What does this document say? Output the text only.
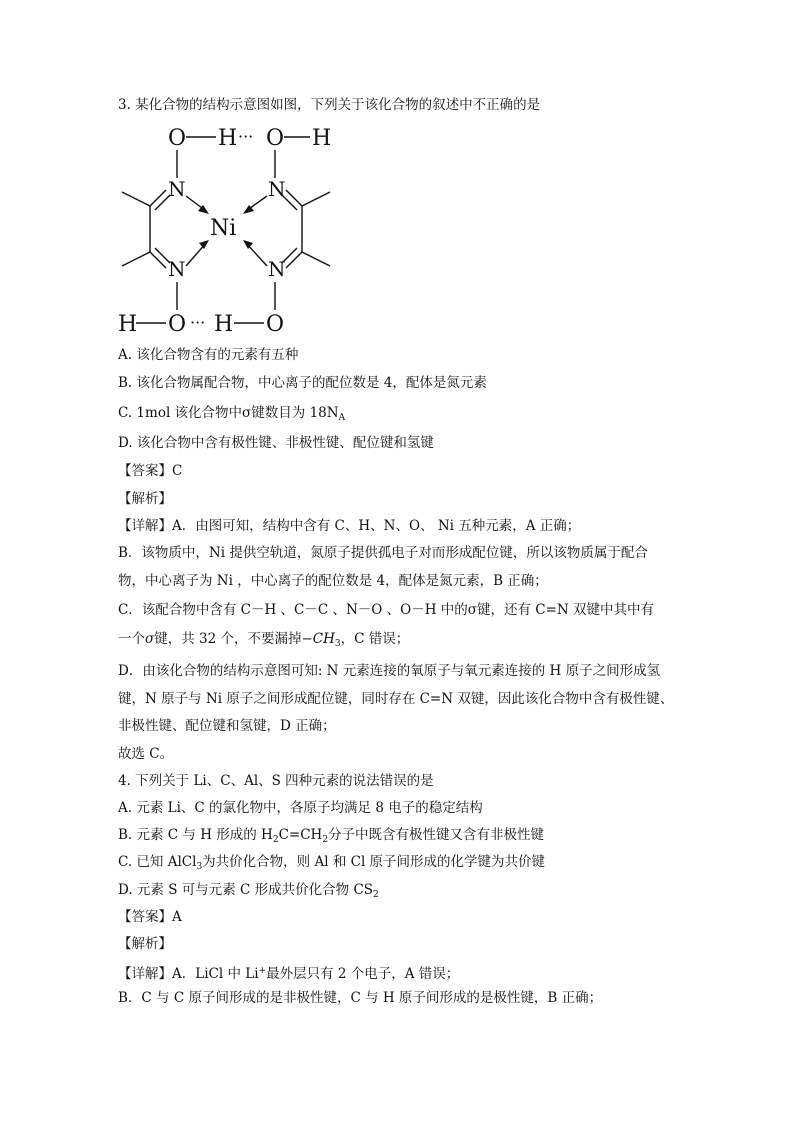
3. 某化合物的结构示意图如图，下列关于该化合物的叙述中不正确的是
O H ··· O H
N	N
Ni
N	N
H O ··· H O
A. 该化合物含有的元素有五种
B. 该化合物属配合物，中心离子的配位数是 4，配体是氮元素
C. 1mol 该化合物中σ键数目为 $18N_A$
D. 该化合物中含有极性键、非极性键、配位键和氢键
【答案】C
【解析】
【详解】A．由图可知，结构中含有 C、H、N、O、 Ni 五种元素，A 正确；
B．该物质中，Ni 提供空轨道，氮原子提供孤电子对而形成配位键，所以该物质属于配合
物，中心离子为 Ni ，中心离子的配位数是 4，配体是氮元素，B 正确；
C．该配合物中含有 C－H 、C－C 、N－O 、O－H 中的σ键，还有 C=N 双键中其中有
一个σ键，共 32 个，不要漏掉$-CH_3$，C 错误；
D．由该化合物的结构示意图可知: N 元素连接的氧原子与氧元素连接的 H 原子之间形成氢
键，N 原子与 Ni 原子之间形成配位键，同时存在 C=N 双键，因此该化合物中含有极性键、
非极性键、配位键和氢键，D 正确；
故选 C。
4. 下列关于 Li、C、Al、S 四种元素的说法错误的是
A. 元素 Li、C 的氯化物中，各原子均满足 8 电子的稳定结构
B. 元素 C 与 H 形成的 $H_2C=CH_2$分子中既含有极性键又含有非极性键
C. 已知 AlCl$_3$为共价化合物，则 Al 和 Cl 原子间形成的化学键为共价键
D. 元素 S 可与元素 C 形成共价化合物 $CS_2$
【答案】A
【解析】
【详解】A．LiCl 中 Li+最外层只有 2 个电子，A 错误；
B．C 与 C 原子间形成的是非极性键，C 与 H 原子间形成的是极性键，B 正确；
